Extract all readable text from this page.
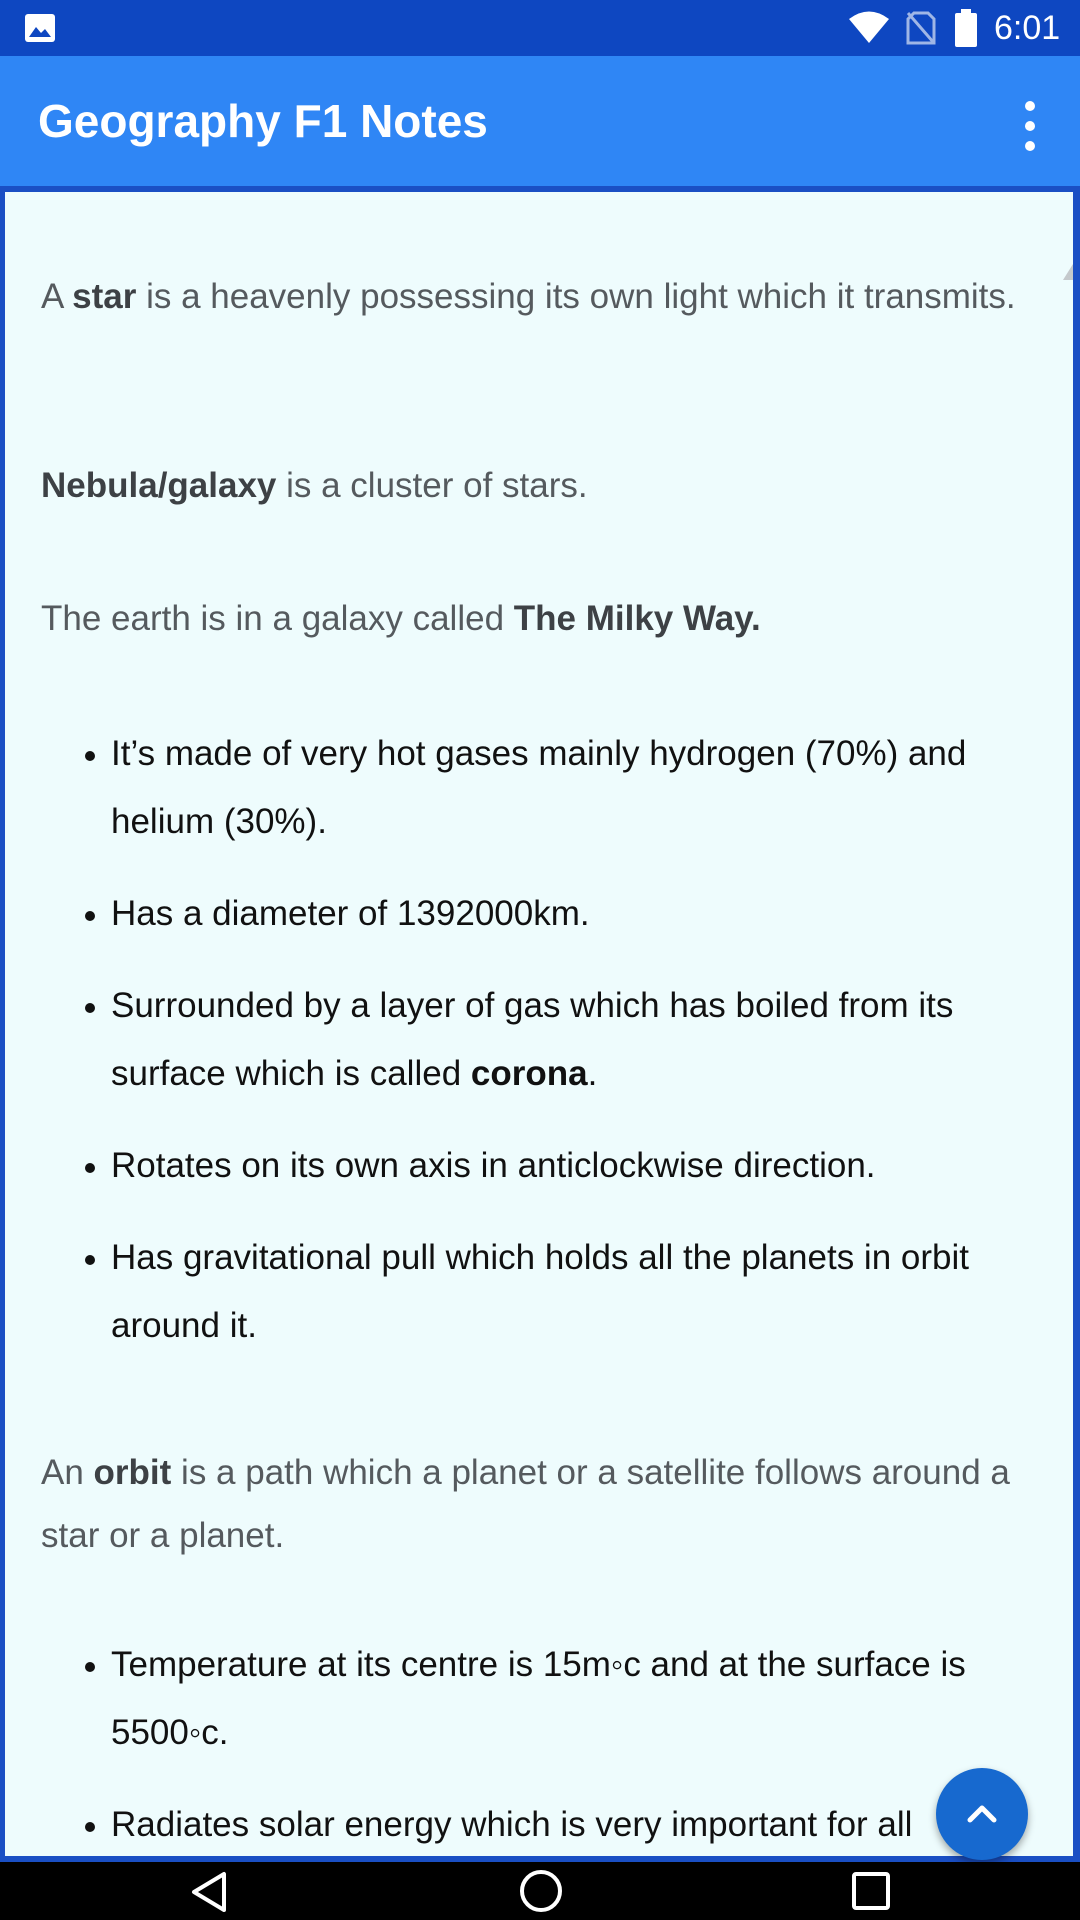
6:01
Geography F1 Notes

A star is a heavenly possessing its own light which it transmits.

Nebula/galaxy is a cluster of stars.

The earth is in a galaxy called The Milky Way.

It’s made of very hot gases mainly hydrogen (70%) and helium (30%).
Has a diameter of 1392000km.
Surrounded by a layer of gas which has boiled from its surface which is called corona.
Rotates on its own axis in anticlockwise direction.
Has gravitational pull which holds all the planets in orbit around it.

An orbit is a path which a planet or a satellite follows around a star or a planet.

Temperature at its centre is 15m◦c and at the surface is 5500◦c.
Radiates solar energy which is very important for all
